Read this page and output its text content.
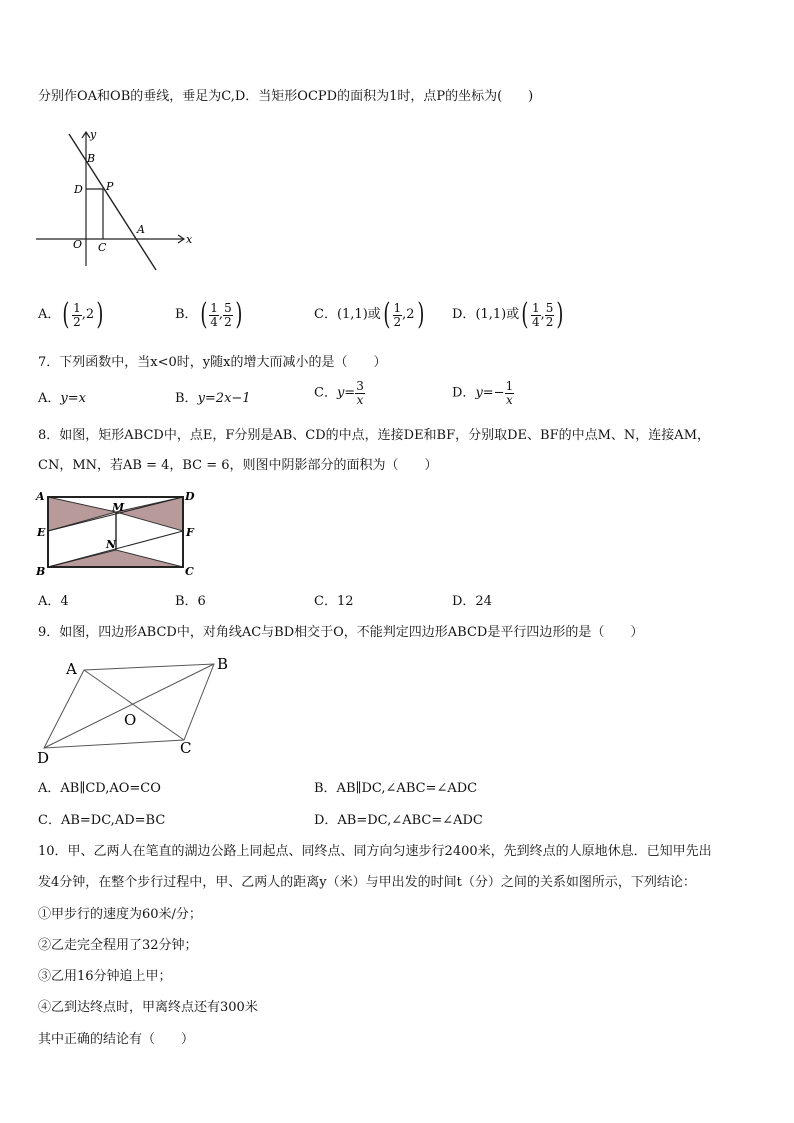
分别作OA和OB的垂线，垂足为C,D．当矩形OCPD的面积为1时，点P的坐标为(　　)
y
x
B
D P
O C
A
A．( $\frac{1}{2} ,2$)	B．( $\frac{1}{4}$ , $\frac{5}{2}$ )	C．(1,1)或( $\frac{1}{2} ,2$) D．(1,1)或( $\frac{1}{4}$ , $\frac{5}{2}$ )
7．下列函数中，当x<0时，y随x的增大而减小的是（　　）
A．y=x	B．y=2x−1	C．$y= \frac{3}{x}$	D．$y=- \frac{1}{x}$
8．如图，矩形ABCD中，点E，F分别是AB、CD的中点，连接DE和BF，分别取DE、BF的中点M、N，连接AM，
CN，MN，若AB = 4，BC = 6，则图中阴影部分的面积为（　　）
A	D
M
E	F
N
B	C
A．4	B．6	C．12	D．24
9．如图，四边形ABCD中，对角线AC与BD相交于O，不能判定四边形ABCD是平行四边形的是（　　）
A	B
O
D
C
A．AB∥CD,AO=CO	B．AB∥DC,∠ABC=∠ADC
C．AB=DC,AD=BC	D．AB=DC,∠ABC=∠ADC
10．甲、乙两人在笔直的湖边公路上同起点、同终点、同方向匀速步行2400米，先到终点的人原地休息．已知甲先出
发4分钟，在整个步行过程中，甲、乙两人的距离y（米）与甲出发的时间t（分）之间的关系如图所示，下列结论：
①甲步行的速度为60米/分；
②乙走完全程用了32分钟；
③乙用16分钟追上甲；
④乙到达终点时，甲离终点还有300米
其中正确的结论有（　　）
